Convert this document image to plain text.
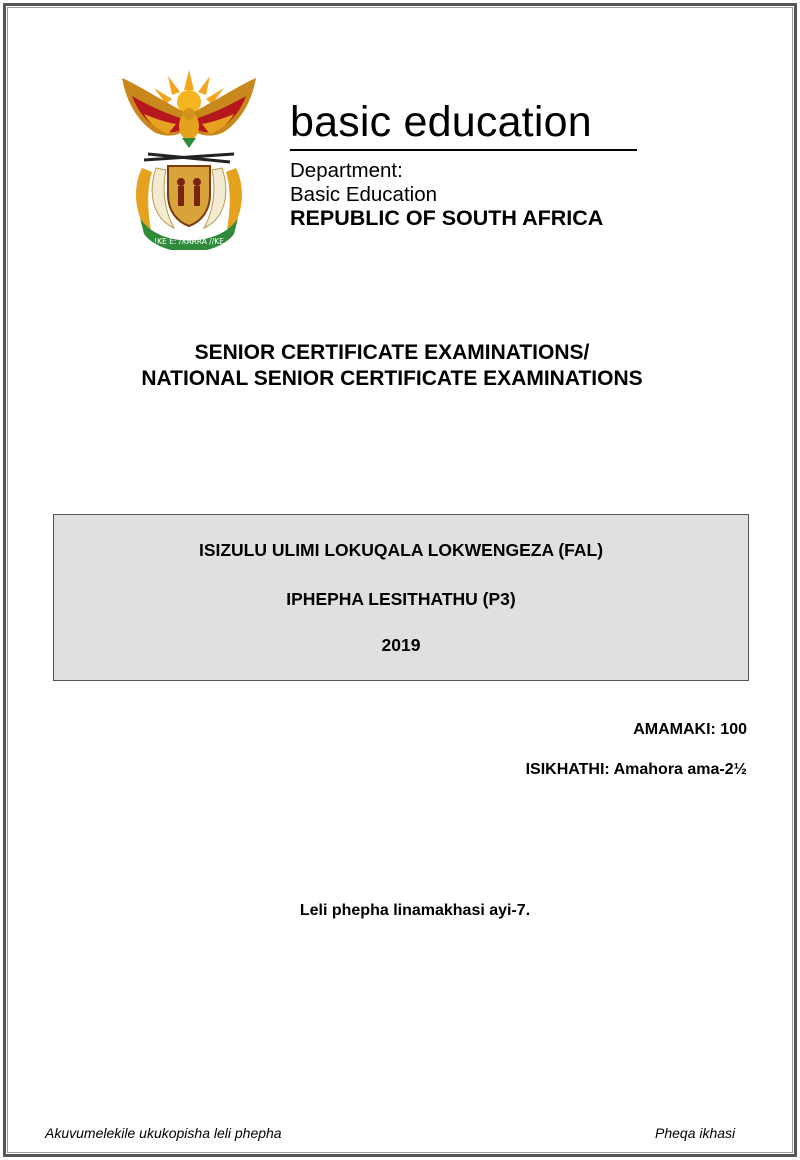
!KE E: /XARRA //KE
basic education
Department:
Basic Education
REPUBLIC OF SOUTH AFRICA
SENIOR CERTIFICATE EXAMINATIONS/
NATIONAL SENIOR CERTIFICATE EXAMINATIONS
ISIZULU ULIMI LOKUQALA LOKWENGEZA (FAL)
IPHEPHA LESITHATHU (P3)
2019
AMAMAKI: 100
ISIKHATHI: Amahora ama-2½
Leli phepha linamakhasi ayi-7.
Akuvumelekile ukukopisha leli phepha	Pheqa ikhasi
